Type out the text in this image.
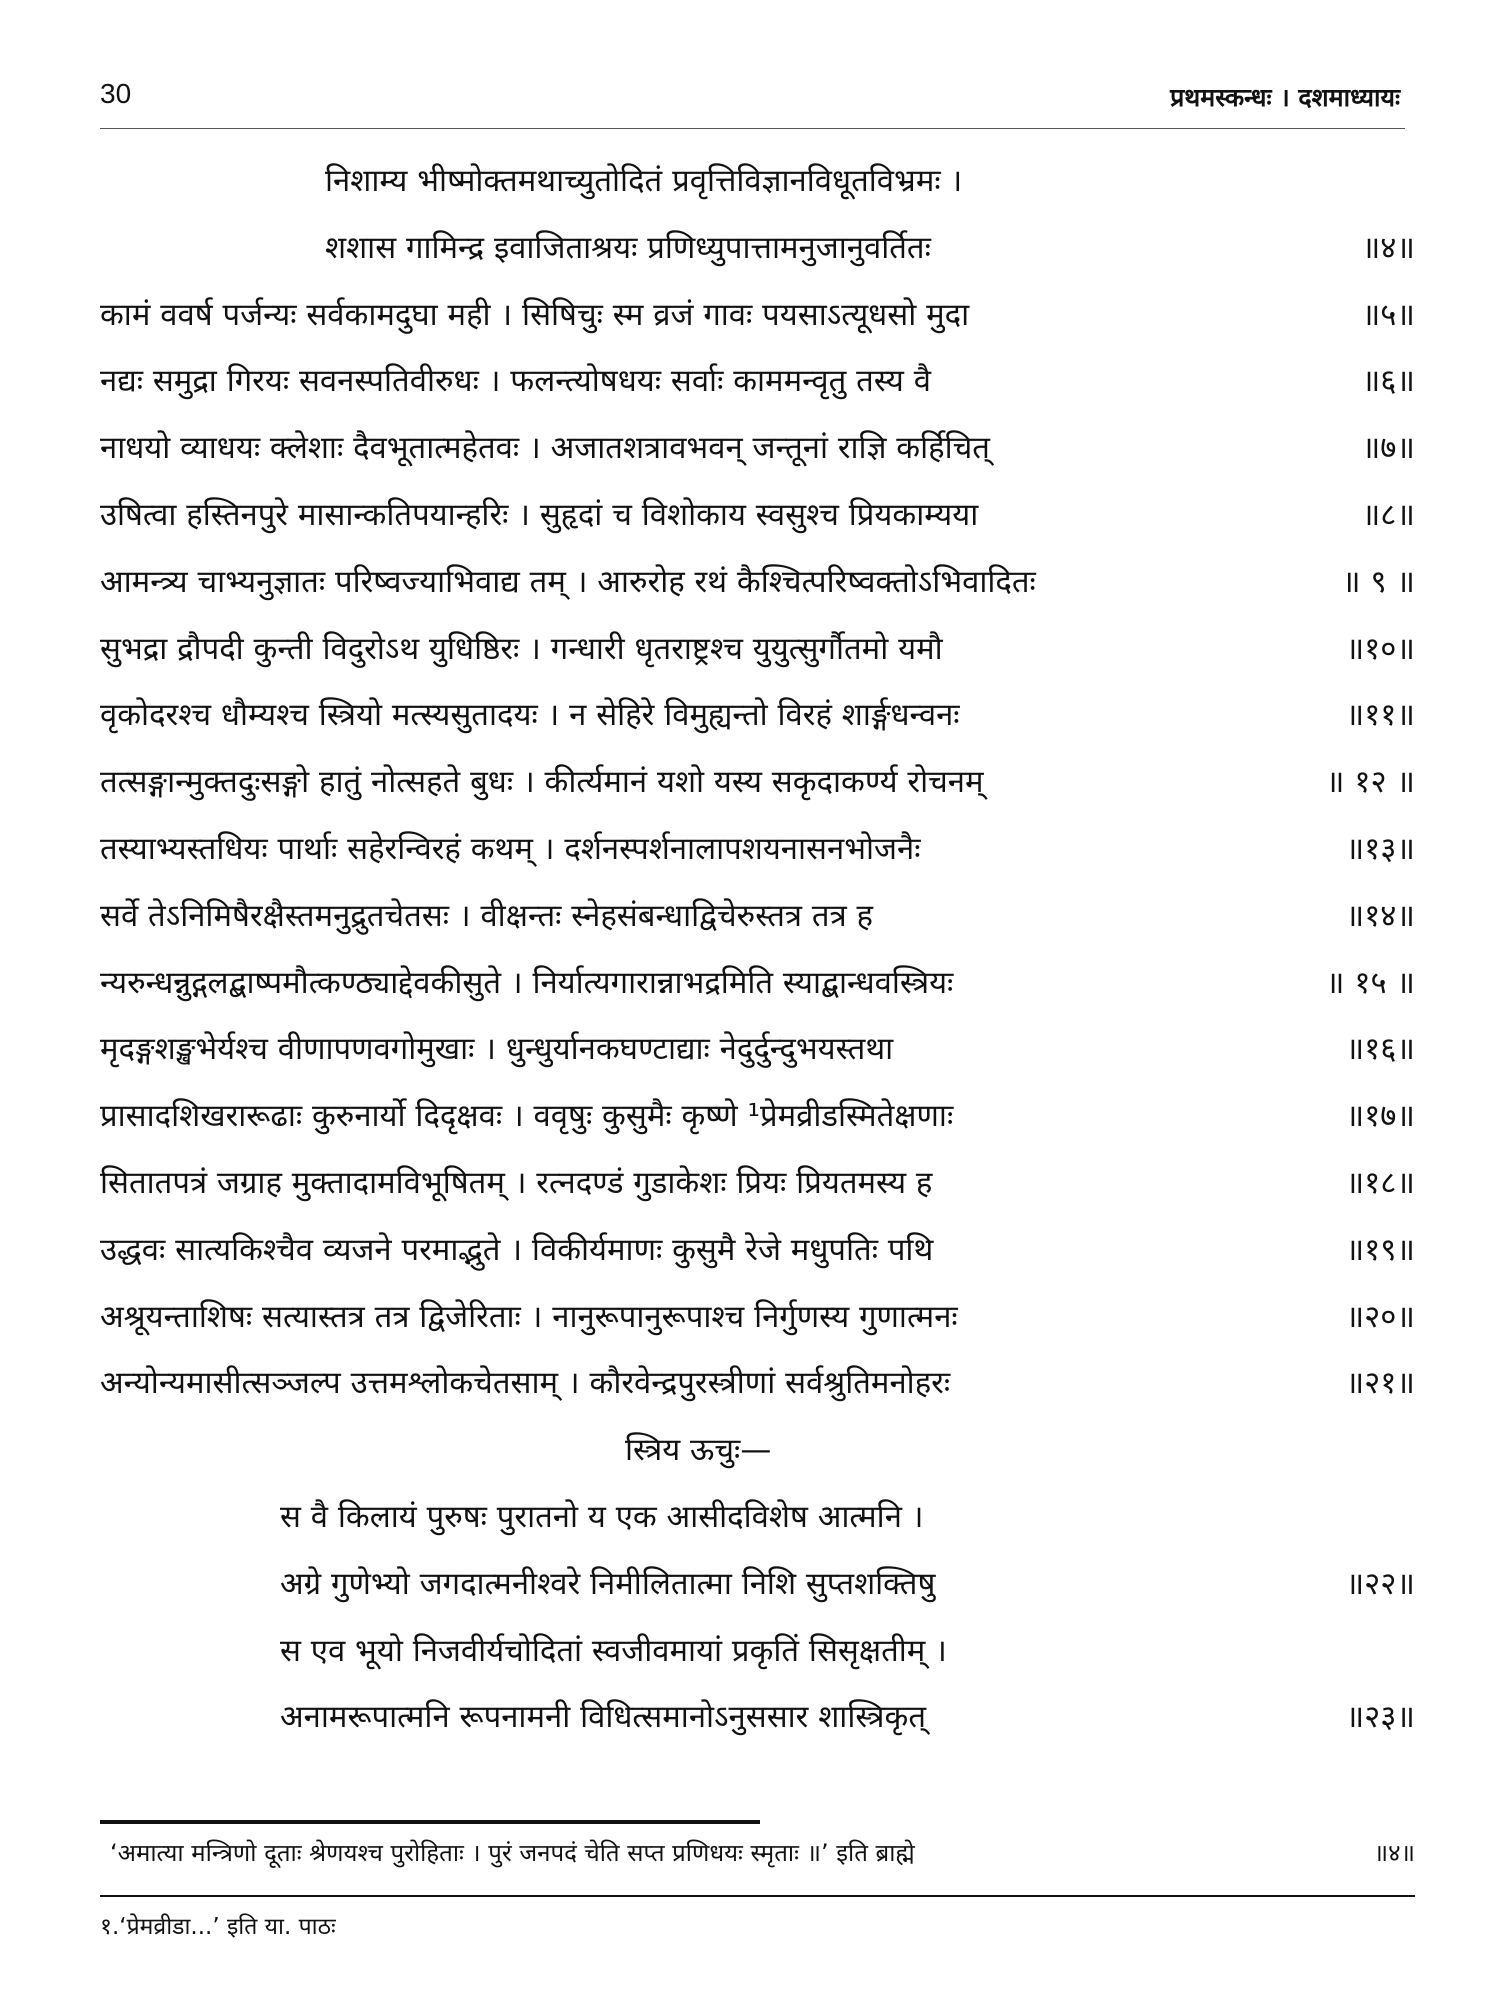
30	प्रथमस्कन्धः । दशमाध्यायः
निशाम्य भीष्मोक्तमथाच्युतोदितं प्रवृत्तिविज्ञानविधूतविभ्रमः ।
शशास गामिन्द्र इवाजिताश्रयः प्रणिध्युपात्तामनुजानुवर्तितः	॥४॥
कामं ववर्ष पर्जन्यः सर्वकामदुघा मही । सिषिचुः स्म व्रजं गावः पयसाऽत्यूधसो मुदा	॥५॥
नद्यः समुद्रा गिरयः सवनस्पतिवीरुधः । फलन्त्योषधयः सर्वाः काममन्वृतु तस्य वै	॥६॥
नाधयो व्याधयः क्लेशाः दैवभूतात्महेतवः । अजातशत्रावभवन् जन्तूनां राज्ञि कर्हिचित्	॥७॥
उषित्वा हस्तिनपुरे मासान्कतिपयान्हरिः । सुहृदां च विशोकाय स्वसुश्च प्रियकाम्यया	॥८॥
आमन्त्र्य चाभ्यनुज्ञातः परिष्वज्याभिवाद्य तम् । आरुरोह रथं कैश्चित्परिष्वक्तोऽभिवादितः	॥ ९ ॥
सुभद्रा द्रौपदी कुन्ती विदुरोऽथ युधिष्ठिरः । गन्धारी धृतराष्ट्रश्च युयुत्सुर्गौतमो यमौ	॥१०॥
वृकोदरश्च धौम्यश्च स्त्रियो मत्स्यसुतादयः । न सेहिरे विमुह्यन्तो विरहं शार्ङ्गधन्वनः	॥११॥
तत्सङ्गान्मुक्तदुःसङ्गो हातुं नोत्सहते बुधः । कीर्त्यमानं यशो यस्य सकृदाकर्ण्य रोचनम्	॥ १२ ॥
तस्याभ्यस्तधियः पार्थाः सहेरन्विरहं कथम् । दर्शनस्पर्शनालापशयनासनभोजनैः	॥१३॥
सर्वे तेऽनिमिषैरक्षैस्तमनुद्रुतचेतसः । वीक्षन्तः स्नेहसंबन्धाद्विचेरुस्तत्र तत्र ह	॥१४॥
न्यरुन्धन्नुद्गलद्बाष्पमौत्कण्ठ्याद्देवकीसुते । निर्यात्यगारान्नाभद्रमिति स्याद्बान्धवस्त्रियः	॥ १५ ॥
मृदङ्गशङ्खभेर्यश्च वीणापणवगोमुखाः । धुन्धुर्यानकघण्टाद्याः नेदुर्दुन्दुभयस्तथा	॥१६॥
प्रासादशिखरारूढाः कुरुनार्यो दिदृक्षवः । ववृषुः कुसुमैः कृष्णे ¹प्रेमव्रीडस्मितेक्षणाः	॥१७॥
सितातपत्रं जग्राह मुक्तादामविभूषितम् । रत्नदण्डं गुडाकेशः प्रियः प्रियतमस्य ह	॥१८॥
उद्धवः सात्यकिश्चैव व्यजने परमाद्भुते । विकीर्यमाणः कुसुमै रेजे मधुपतिः पथि	॥१९॥
अश्रूयन्ताशिषः सत्यास्तत्र तत्र द्विजेरिताः । नानुरूपानुरूपाश्च निर्गुणस्य गुणात्मनः	॥२०॥
अन्योन्यमासीत्सञ्जल्प उत्तमश्लोकचेतसाम् । कौरवेन्द्रपुरस्त्रीणां सर्वश्रुतिमनोहरः	॥२१॥
स्त्रिय ऊचुः—
स वै किलायं पुरुषः पुरातनो य एक आसीदविशेष आत्मनि ।
अग्रे गुणेभ्यो जगदात्मनीश्वरे निमीलितात्मा निशि सुप्तशक्तिषु	॥२२॥
स एव भूयो निजवीर्यचोदितां स्वजीवमायां प्रकृतिं सिसृक्षतीम् ।
अनामरूपात्मनि रूपनामनी विधित्समानोऽनुससार शास्त्रिकृत्	॥२३॥
‘अमात्या मन्त्रिणो दूताः श्रेणयश्च पुरोहिताः । पुरं जनपदं चेति सप्त प्रणिधयः स्मृताः ॥’ इति ब्राह्मे	॥४॥
१.‘प्रेमव्रीडा...’ इति या. पाठः
